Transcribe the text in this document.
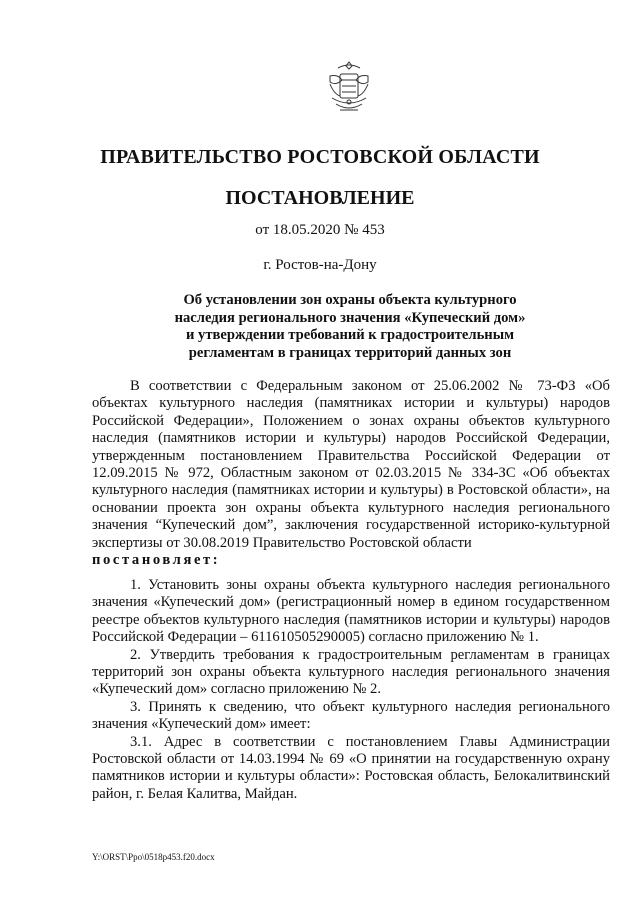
ПРАВИТЕЛЬСТВО РОСТОВСКОЙ ОБЛАСТИ
ПОСТАНОВЛЕНИЕ
от 18.05.2020 № 453
г. Ростов-на-Дону
Об установлении зон охраны объекта культурного
наследия регионального значения «Купеческий дом»
и утверждении требований к градостроительным
регламентам в границах территорий данных зон

В соответствии с Федеральным законом от 25.06.2002 № 73-ФЗ «Об объектах культурного наследия (памятниках истории и культуры) народов Российской Федерации», Положением о зонах охраны объектов культурного наследия (памятников истории и культуры) народов Российской Федерации, утвержденным постановлением Правительства Российской Федерации от 12.09.2015 № 972, Областным законом от 02.03.2015 № 334-ЗС «Об объектах культурного наследия (памятниках истории и культуры) в Ростовской области», на основании проекта зон охраны объекта культурного наследия регионального значения “Купеческий дом”, заключения государственной историко-культурной экспертизы от 30.08.2019 Правительство Ростовской области

постановляет:

1. Установить зоны охраны объекта культурного наследия регионального значения «Купеческий дом» (регистрационный номер в едином государственном реестре объектов культурного наследия (памятников истории и культуры) народов Российской Федерации – 611610505290005) согласно приложению № 1.

2. Утвердить требования к градостроительным регламентам в границах территорий зон охраны объекта культурного наследия регионального значения «Купеческий дом» согласно приложению № 2.

3. Принять к сведению, что объект культурного наследия регионального значения «Купеческий дом» имеет:

3.1. Адрес в соответствии с постановлением Главы Администрации Ростовской области от 14.03.1994 № 69 «О принятии на государственную охрану памятников истории и культуры области»: Ростовская область, Белокалитвинский район, г. Белая Калитва, Майдан.

Y:\ORST\Ppo\0518p453.f20.docx
